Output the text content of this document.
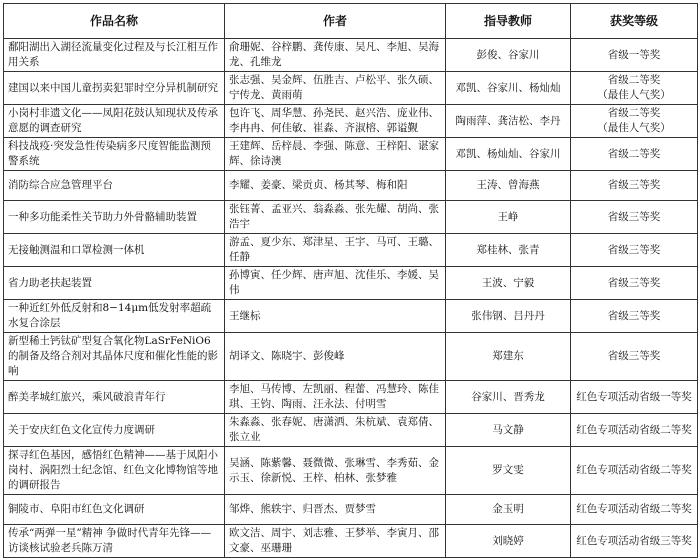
作品名称	作者	指导教师	获奖等级
鄱阳湖出入湖径流量变化过程及与长江相互作用关系	俞珊妮、谷梓鹏、龚传康、吴凡、李旭、吴海龙、孔维龙	彭俊、谷家川	省级一等奖

建国以来中国儿童拐卖犯罪时空分异机制研究	张志强、吴金辉、伍胜吉、卢松平、张久硕、宁传龙、黄雨萌	邓凯、谷家川、杨灿灿	省级二等奖
（最佳人气奖）

小岗村非遗文化——凤阳花鼓认知现状及传承意愿的调查研究	包许飞、周华慧、孙尧民、赵兴浩、庞业伟、李冉冉、何佳敏、崔淼、齐淑榕、郭谥觐	陶雨萍、龚洁松、李丹	省级二等奖
（最佳人气奖）

科技战疫·突发急性传染病多尺度智能监测预警系统	王建辉、岳梓晨、李强、陈意、王梓阳、谌家辉、徐诗澳	邓凯、杨灿灿、谷家川	省级二等奖

消防综合应急管理平台	李耀、姜豪、梁贡贞、杨其琴、梅和阳	王涛、曾海燕	省级三等奖

一种多功能柔性关节助力外骨骼辅助装置	张钰菁、孟亚兴、翁淼淼、张先耀、胡尚、张浩宇	王峥	省级三等奖

无接触测温和口罩检测一体机	游孟、夏少东、郑津星、王宇、马可、王璐、任静	郑桂林、张青	省级三等奖

省力助老扶起装置	孙博寅、任少辉、唐声旭、沈佳乐、李媛、吴伟	王波、宁毅	省级三等奖

一种近红外低反射和8−14μm低发射率超疏水复合涂层	王继标	张伟钢、吕丹丹	省级三等奖

新型稀土钙钛矿型复合氧化物LaSrFeNiO6的制备及络合剂对其晶体尺度和催化性能的影响	胡译文、陈晓宇、彭俊峰	郑建东	省级三等奖

醉美孝城红旅兴，乘风破浪青年行	李旭、马传博、左凯丽、程蕾、冯慧玲、陈佳琪、王钧、陶雨、汪永法、付明雪	谷家川、晋秀龙	红色专项活动省级一等奖

关于安庆红色文化宣传力度调研	朱淼淼、张春妮、唐潇洒、朱杭斌、袁郑倩、张立业	马文静	红色专项活动省级二等奖

探寻红色基因，感悟红色精神——基于凤阳小岗村、涡阳烈士纪念馆、红色文化博物馆等地的调研报告	吴涵、陈紫馨、聂微微、张琳雪、李秀茹、金示玉、徐新悦、王梓、柏林、张梦雅	罗文雯	红色专项活动省级二等奖

铜陵市、阜阳市红色文化调研	邹烨、熊轶宇、归晋杰、贾梦雪	金玉明	红色专项活动省级二等奖

传承“两弹一星”精神 争做时代青年先锋——访谈核试验老兵陈万清	欧文洁、周宇、刘志雅、王梦举、李寅月、邵文豪、巫珊珊	刘晓婷	红色专项活动省级三等奖
